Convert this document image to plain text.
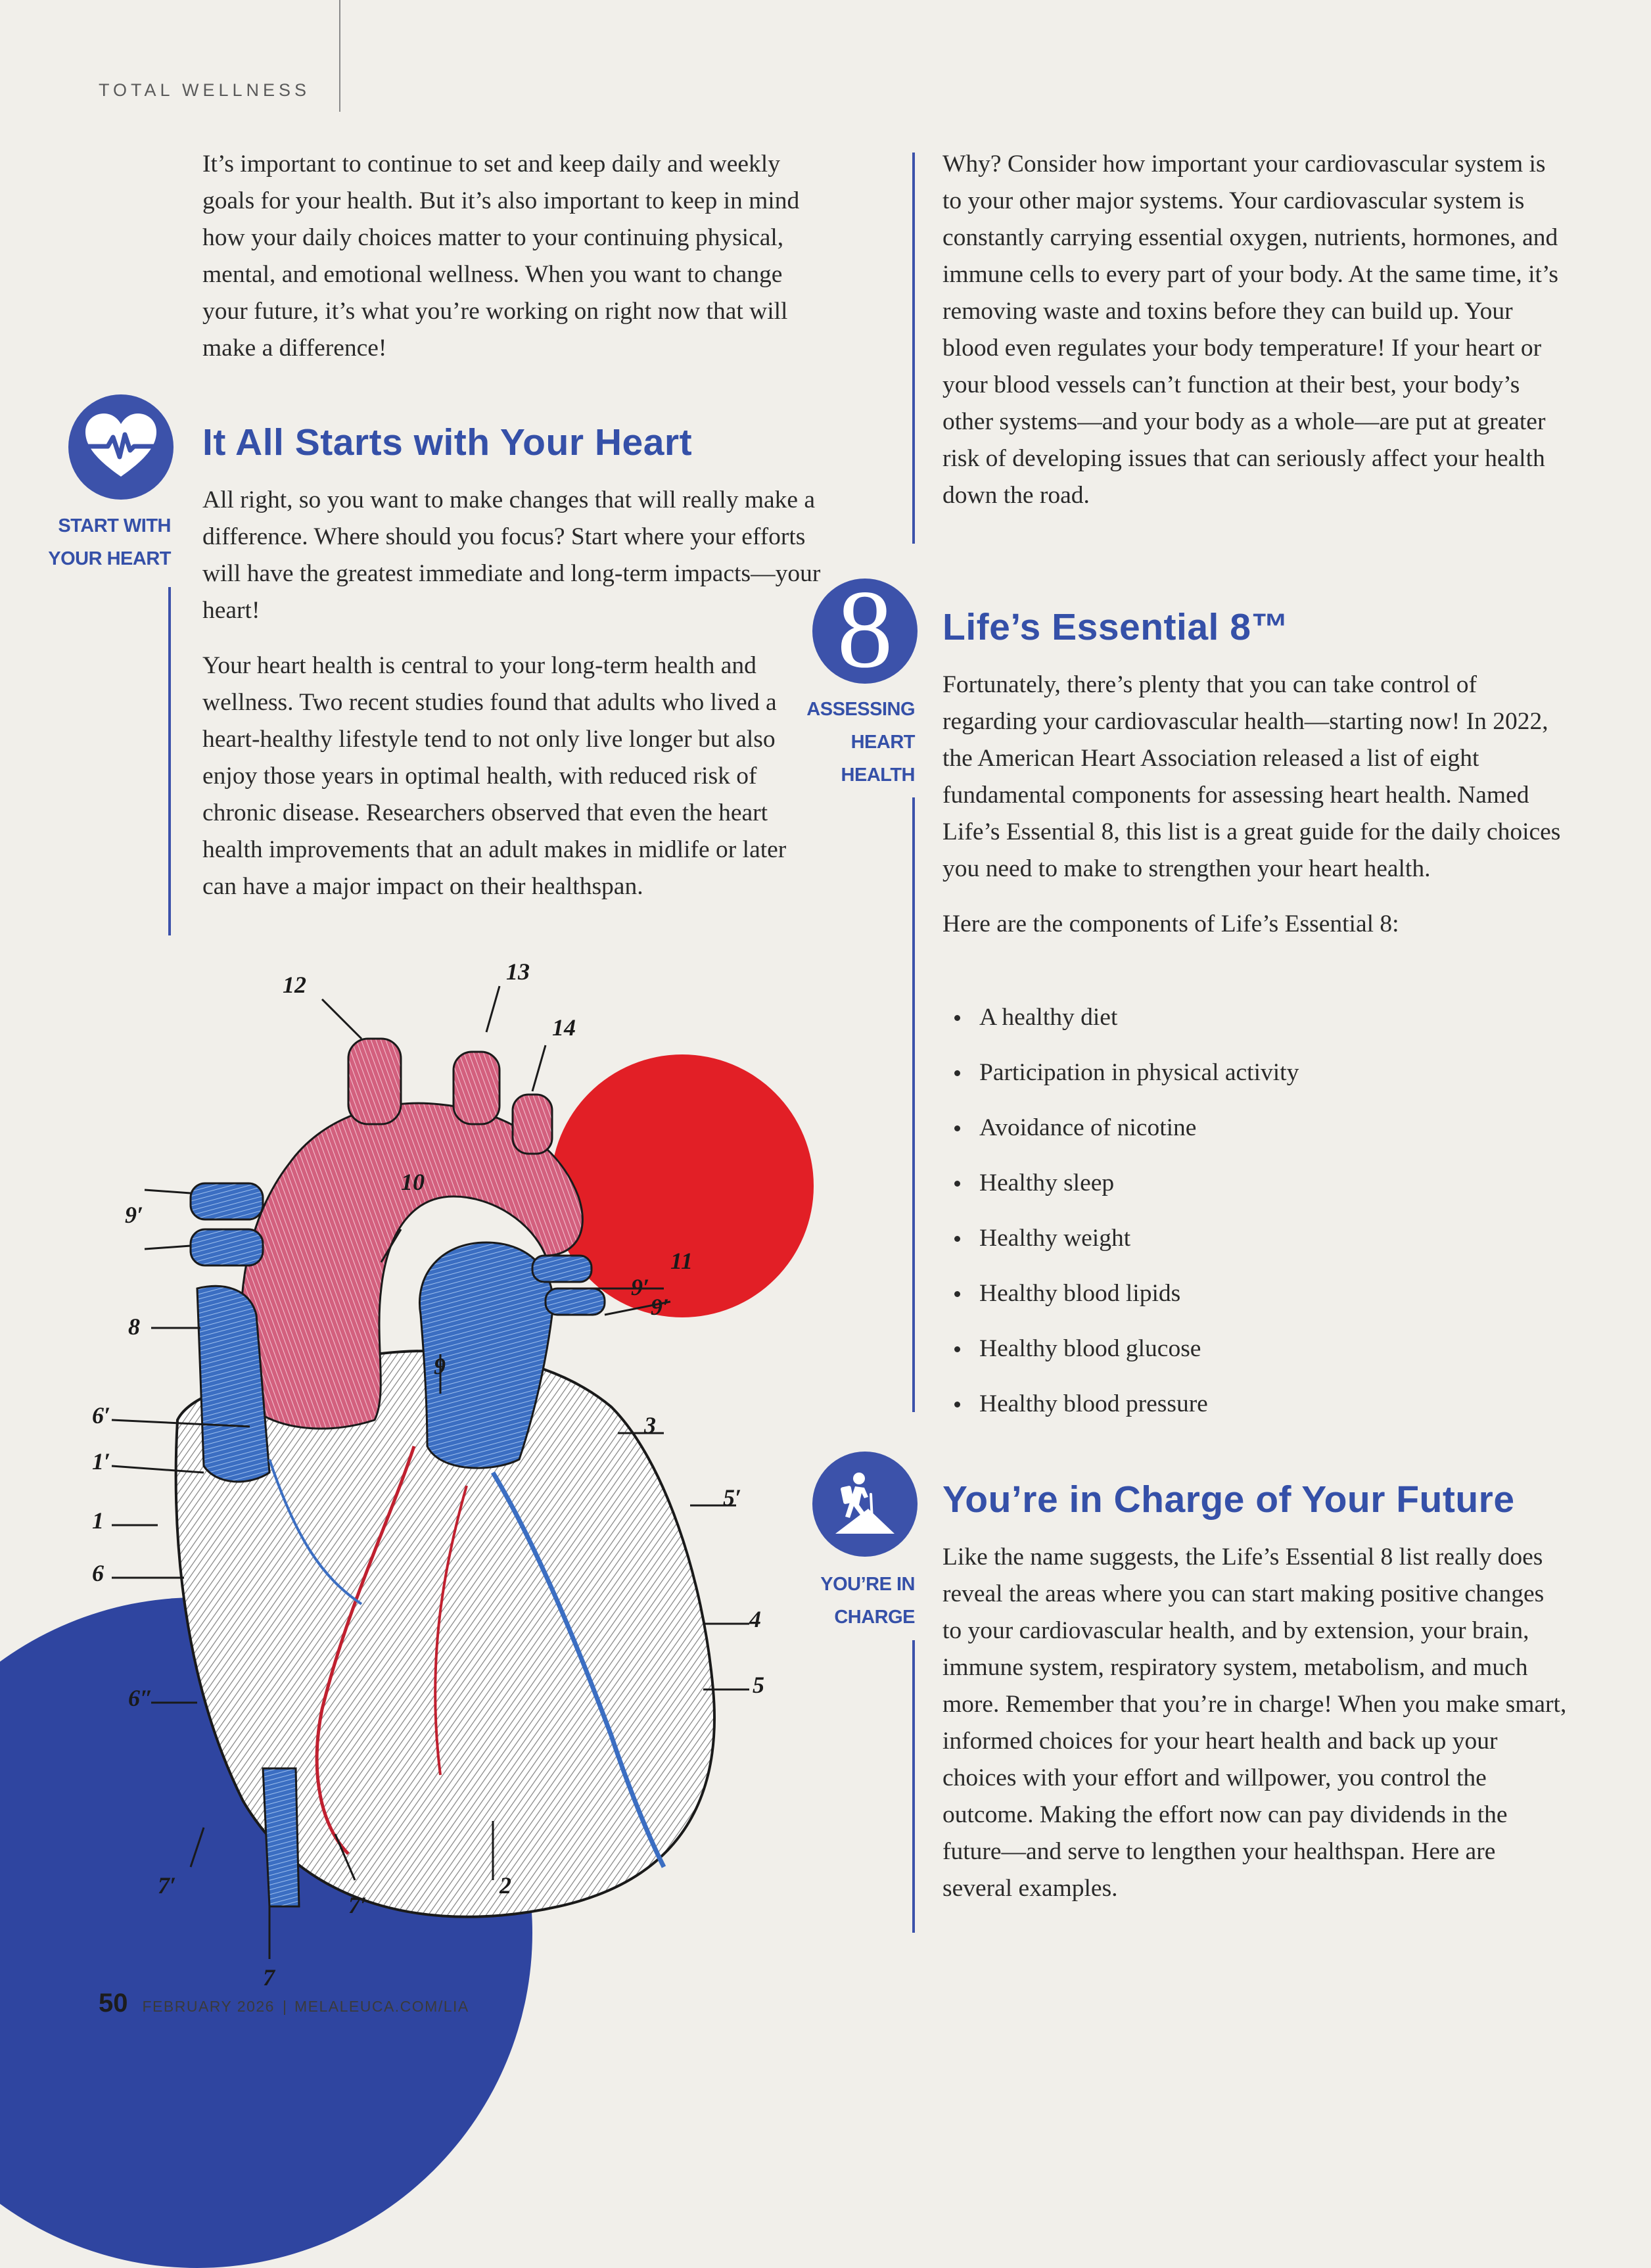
TOTAL WELLNESS

It’s important to continue to set and keep daily and weekly goals for your health. But it’s also important to keep in mind how your daily choices matter to your continuing physical, mental, and emotional wellness. When you want to change your future, it’s what you’re working on right now that will make a difference!

START WITH
YOUR HEART
It All Starts with Your Heart

All right, so you want to make changes that will really make a difference. Where should you focus? Start where your efforts will have the greatest immediate and long-term impacts—your heart!

Your heart health is central to your long-term health and wellness. Two recent studies found that adults who lived a heart-healthy lifestyle tend to not only live longer but also enjoy those years in optimal health, with reduced risk of chronic disease. Researchers observed that even the heart health improvements that an adult makes in midlife or later can have a major impact on their healthspan.

Why? Consider how important your cardiovascular system is to your other major systems. Your cardiovascular system is constantly carrying essential oxygen, nutrients, hormones, and immune cells to every part of your body. At the same time, it’s removing waste and toxins before they can build up. Your blood even regulates your body temperature! If your heart or your blood vessels can’t function at their best, your body’s other systems—and your body as a whole—are put at greater risk of developing issues that can seriously affect your health down the road.

8
ASSESSING
HEART
HEALTH
Life’s Essential 8™

Fortunately, there’s plenty that you can take control of regarding your cardiovascular health—starting now! In 2022, the American Heart Association released a list of eight fundamental components for assessing heart health. Named Life’s Essential 8, this list is a great guide for the daily choices you need to make to strengthen your heart health.

Here are the components of Life’s Essential 8:

A healthy diet
Participation in physical activity
Avoidance of nicotine
Healthy sleep
Healthy weight
Healthy blood lipids
Healthy blood glucose
Healthy blood pressure
YOU’RE IN
CHARGE
You’re in Charge of Your Future

Like the name suggests, the Life’s Essential 8 list really does reveal the areas where you can start making positive changes to your cardiovascular health, and by extension, your brain, immune system, respiratory system, metabolism, and much more. Remember that you’re in charge! When you make smart, informed choices for your heart health and back up your choices with your effort and willpower, you control the outcome. Making the effort now can pay dividends in the future—and serve to lengthen your healthspan. Here are several examples.

12	13
14
10
9′
9′
11
9′
8
9
6′
1′
3
1
5′
6
4
6″	5
7′
7′
2
7
50 FEBRUARY 2026 | MELALEUCA.COM/LIA
